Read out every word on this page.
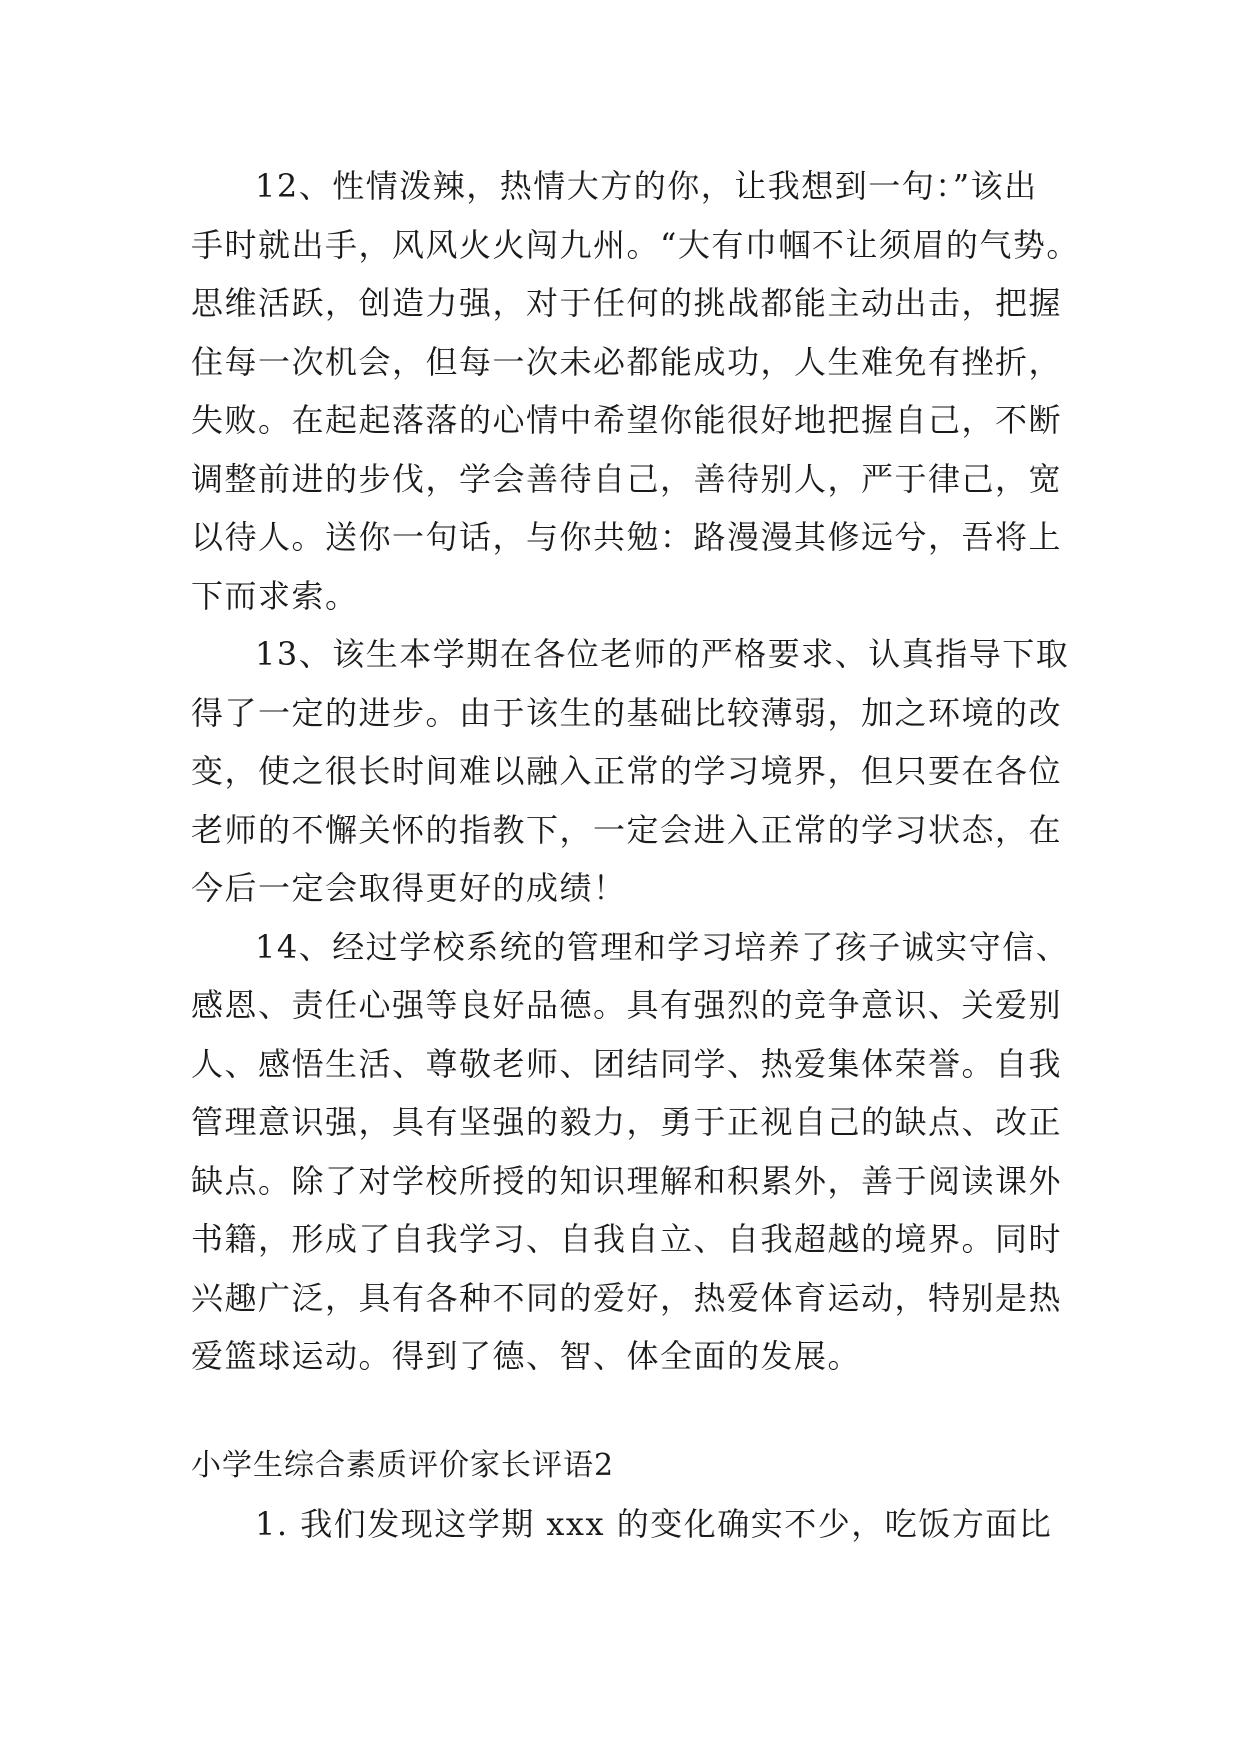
12、性情泼辣，热情大方的你，让我想到一句：”该出
手时就出手，风风火火闯九州。“大有巾帼不让须眉的气势。
思维活跃，创造力强，对于任何的挑战都能主动出击，把握
住每一次机会，但每一次未必都能成功，人生难免有挫折，
失败。在起起落落的心情中希望你能很好地把握自己，不断
调整前进的步伐，学会善待自己，善待别人，严于律己，宽
以待人。送你一句话，与你共勉：路漫漫其修远兮，吾将上
下而求索。

13、该生本学期在各位老师的严格要求、认真指导下取
得了一定的进步。由于该生的基础比较薄弱，加之环境的改
变，使之很长时间难以融入正常的学习境界，但只要在各位
老师的不懈关怀的指教下，一定会进入正常的学习状态，在
今后一定会取得更好的成绩！

14、经过学校系统的管理和学习培养了孩子诚实守信、
感恩、责任心强等良好品德。具有强烈的竞争意识、关爱别
人、感悟生活、尊敬老师、团结同学、热爱集体荣誉。自我
管理意识强，具有坚强的毅力，勇于正视自己的缺点、改正
缺点。除了对学校所授的知识理解和积累外，善于阅读课外
书籍，形成了自我学习、自我自立、自我超越的境界。同时
兴趣广泛，具有各种不同的爱好，热爱体育运动，特别是热
爱篮球运动。得到了德、智、体全面的发展。

小学生综合素质评价家长评语2

1. 我们发现这学期 xxx 的变化确实不少，吃饭方面比
